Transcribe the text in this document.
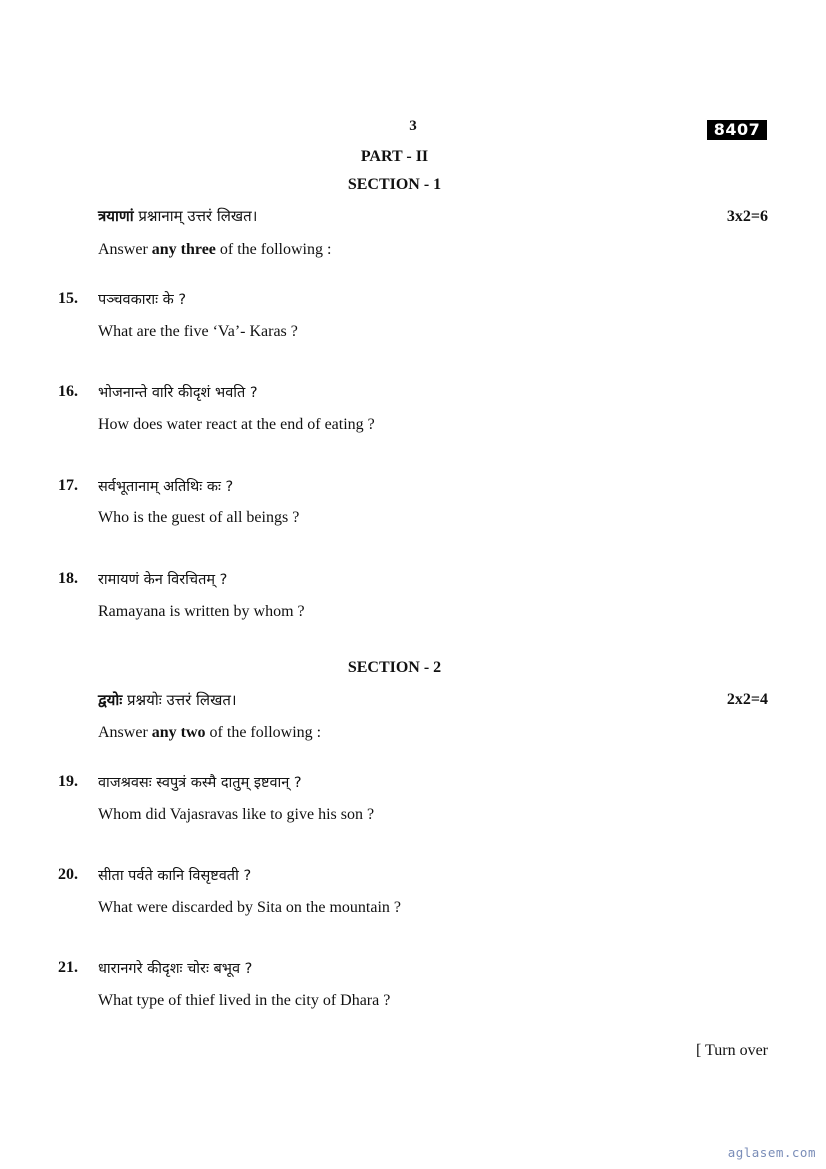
3	8407
PART - II
SECTION - 1
त्रयाणां प्रश्नानाम् उत्तरं लिखत।	3x2=6
Answer any three of the following :
15. पञ्चवकाराः के ?
What are the five ‘Va’- Karas ?
16. भोजनान्ते वारि कीदृशं भवति ?
How does water react at the end of eating ?
17. सर्वभूतानाम् अतिथिः कः ?
Who is the guest of all beings ?
18. रामायणं केन विरचितम् ?
Ramayana is written by whom ?
SECTION - 2
द्वयोः प्रश्नयोः उत्तरं लिखत।	2x2=4
Answer any two of the following :
19. वाजश्रवसः स्वपुत्रं कस्मै दातुम् इष्टवान् ?
Whom did Vajasravas like to give his son ?
20. सीता पर्वते कानि विसृष्टवती ?
What were discarded by Sita on the mountain ?
21. धारानगरे कीदृशः चोरः बभूव ?
What type of thief lived in the city of Dhara ?
[ Turn over
aglasem.com
